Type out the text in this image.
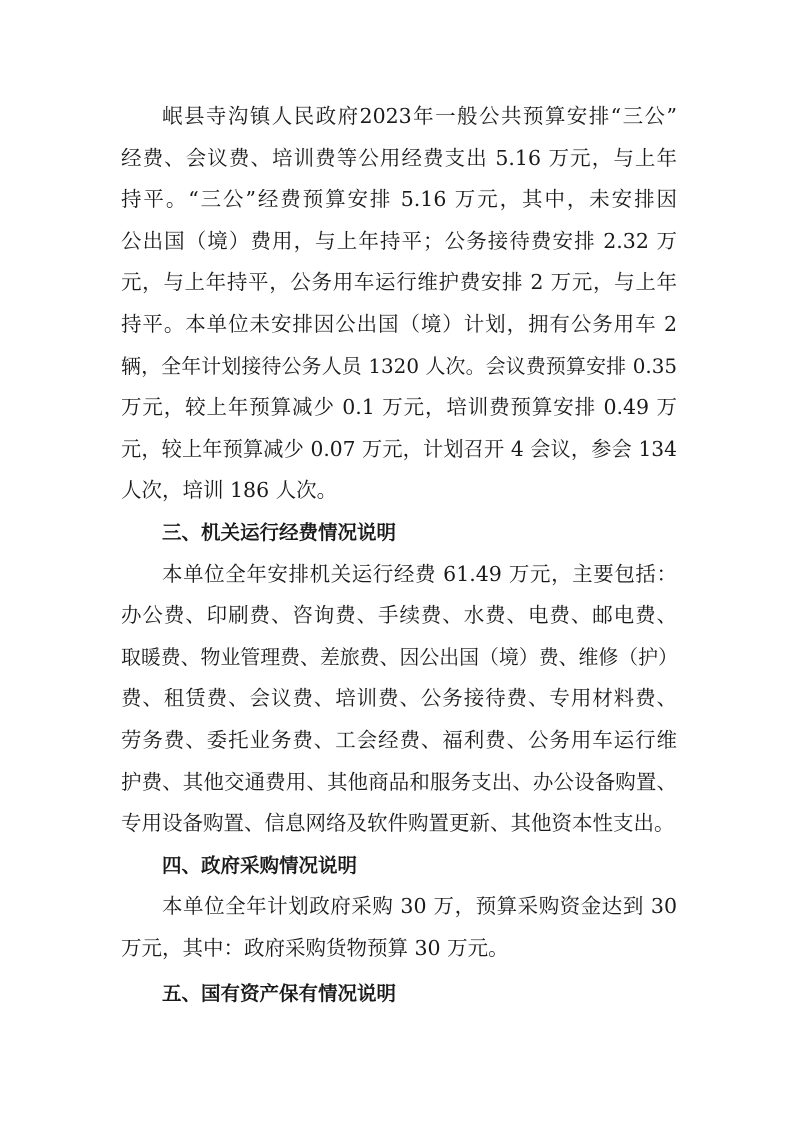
岷县寺沟镇人民政府2023年一般公共预算安排“三公”
经费、会议费、培训费等公用经费支出 5.16 万元，与上年
持平。“三公”经费预算安排 5.16 万元，其中，未安排因
公出国（境）费用，与上年持平；公务接待费安排 2.32 万
元，与上年持平，公务用车运行维护费安排 2 万元，与上年
持平。本单位未安排因公出国（境）计划，拥有公务用车 2
辆，全年计划接待公务人员 1320 人次。会议费预算安排 0.35
万元，较上年预算减少 0.1 万元，培训费预算安排 0.49 万
元，较上年预算减少 0.07 万元，计划召开 4 会议，参会 134
人次，培训 186 人次。
三、机关运行经费情况说明
本单位全年安排机关运行经费 61.49 万元，主要包括：
办公费、印刷费、咨询费、手续费、水费、电费、邮电费、
取暖费、物业管理费、差旅费、因公出国（境）费、维修（护）
费、租赁费、会议费、培训费、公务接待费、专用材料费、
劳务费、委托业务费、工会经费、福利费、公务用车运行维
护费、其他交通费用、其他商品和服务支出、办公设备购置、
专用设备购置、信息网络及软件购置更新、其他资本性支出。
四、政府采购情况说明
本单位全年计划政府采购 30 万，预算采购资金达到 30
万元，其中：政府采购货物预算 30 万元。
五、国有资产保有情况说明
